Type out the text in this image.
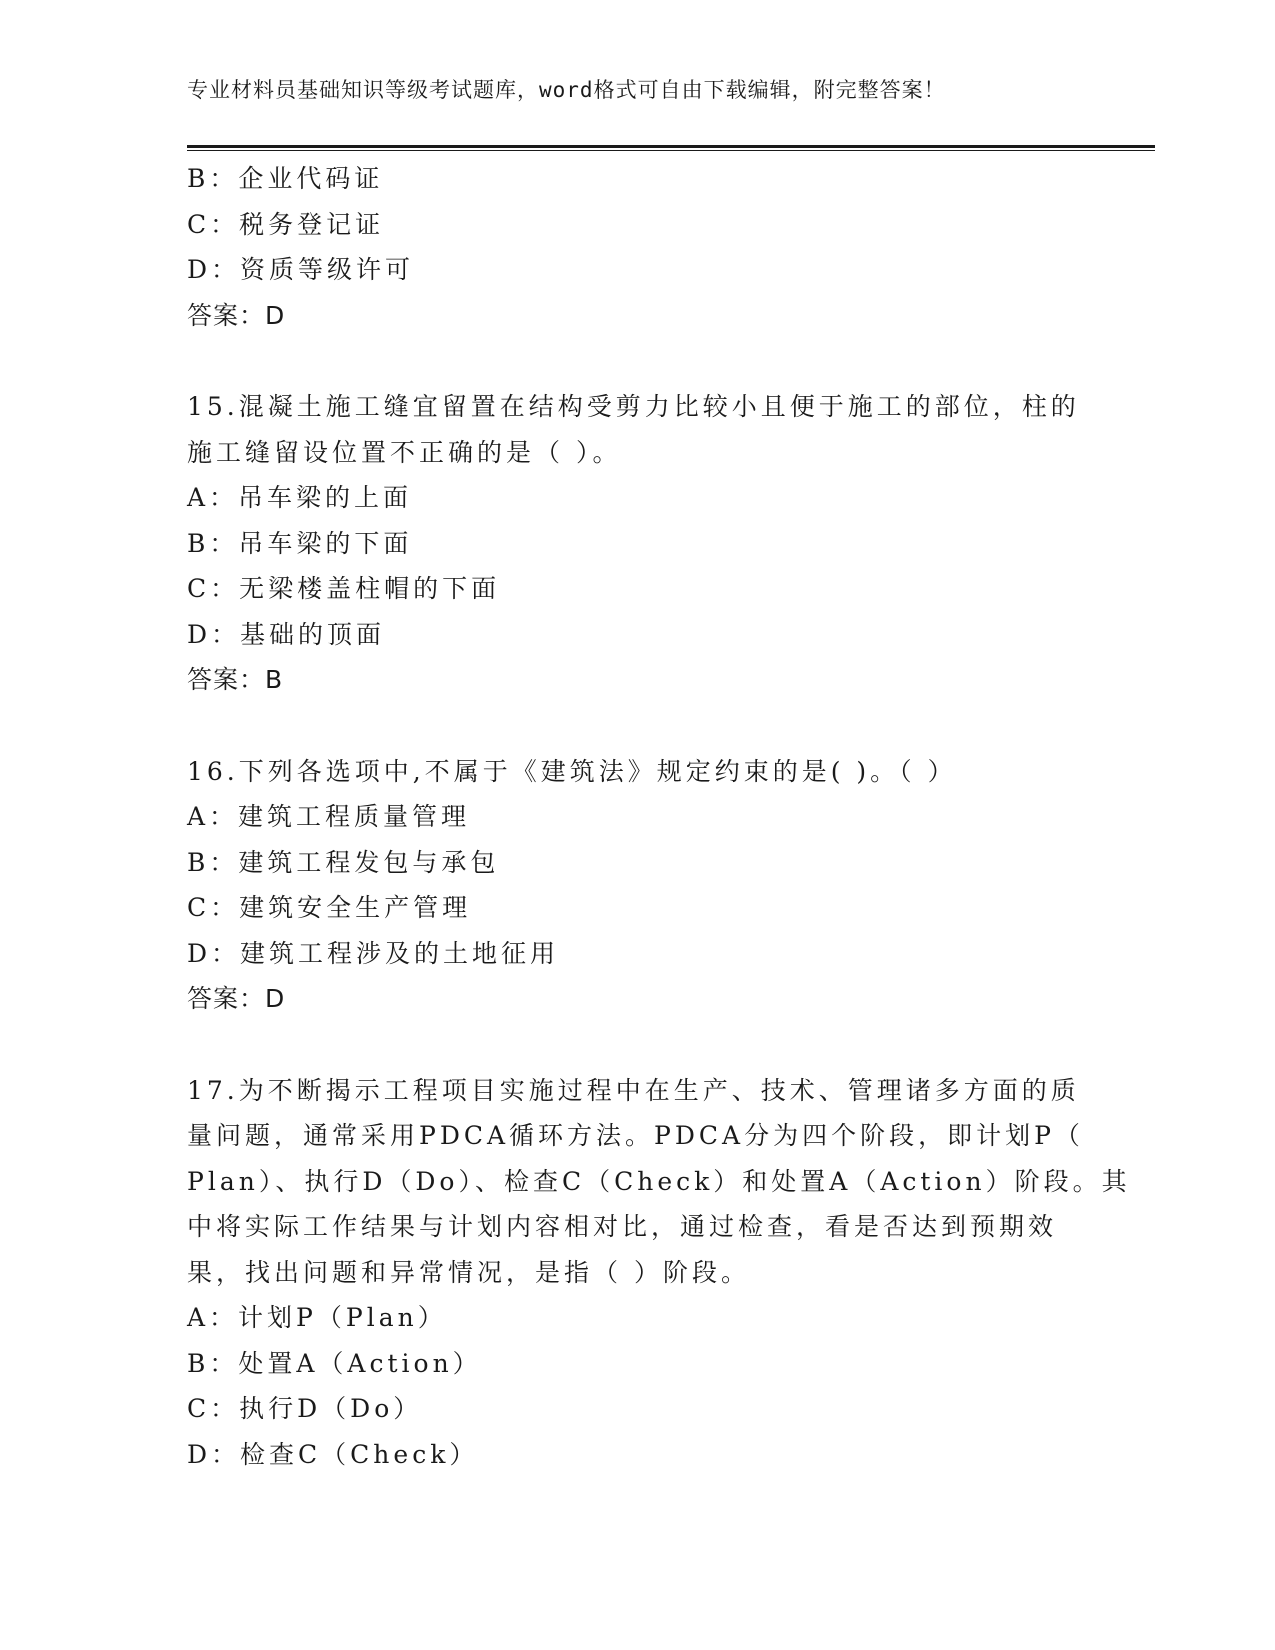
专业材料员基础知识等级考试题库，word格式可自由下载编辑，附完整答案！
B：企业代码证
C：税务登记证
D：资质等级许可
答案：D
15.混凝土施工缝宜留置在结构受剪力比较小且便于施工的部位，柱的
施工缝留设位置不正确的是（ ）。
A：吊车梁的上面
B：吊车梁的下面
C：无梁楼盖柱帽的下面
D：基础的顶面
答案：B
16.下列各选项中,不属于《建筑法》规定约束的是( )。（ ）
A：建筑工程质量管理
B：建筑工程发包与承包
C：建筑安全生产管理
D：建筑工程涉及的土地征用
答案：D
17.为不断揭示工程项目实施过程中在生产、技术、管理诸多方面的质
量问题，通常采用PDCA循环方法。PDCA分为四个阶段，即计划P（
Plan）、执行D（Do）、检查C（Check）和处置A（Action）阶段。其
中将实际工作结果与计划内容相对比，通过检查，看是否达到预期效
果，找出问题和异常情况，是指（ ）阶段。
A：计划P（Plan）
B：处置A（Action）
C：执行D（Do）
D：检查C（Check）
